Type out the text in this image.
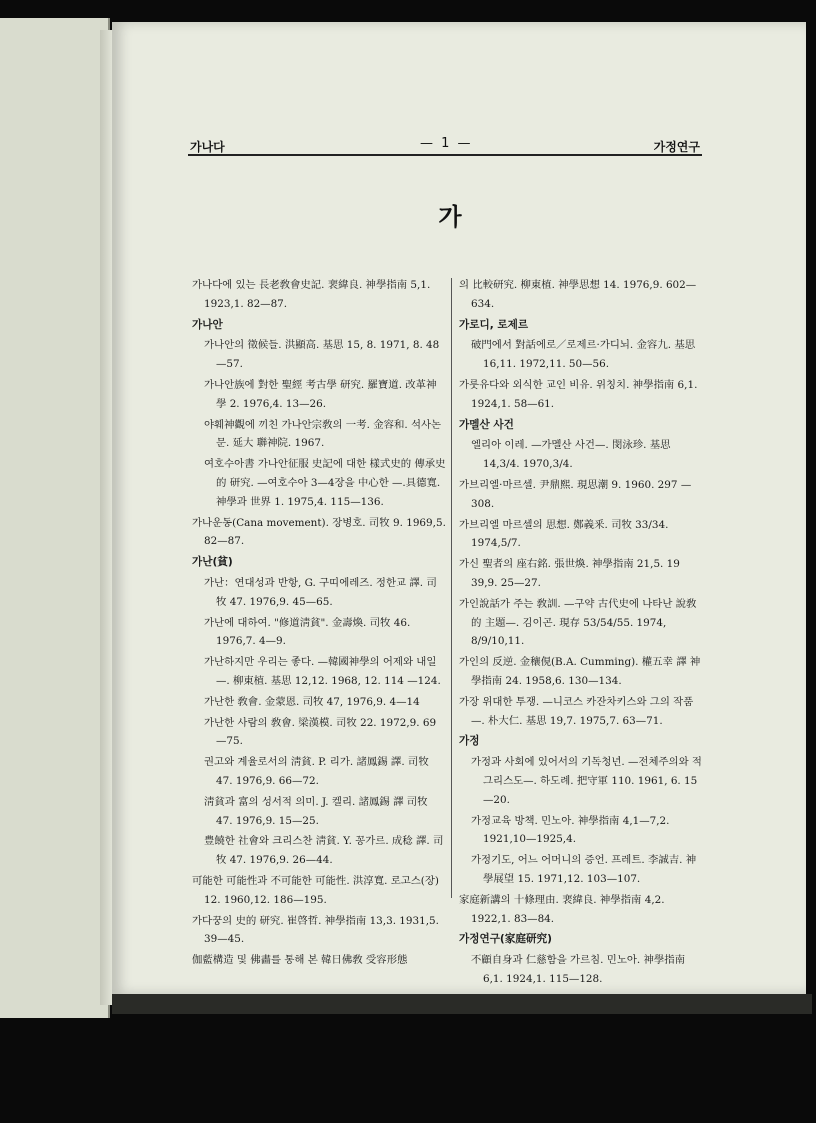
가나다	— 1 —	가정연구
가
가나다에 있는 長老敎會史記. 裵緯良. 神學指南 5,1. 1923,1. 82—87.
가나안
가나안의 徵候들. 洪顯高. 基思 15, 8. 1971, 8. 48—57.
가나안族에 對한 聖經 考古學 研究. 羅寶道. 改革神學 2. 1976,4. 13—26.
야훼神觀에 끼친 가나안宗敎의 一考. 金容和. 석사논문. 延大 聯神院. 1967.
여호수아書 가나안征服 史記에 대한 樣式史的 傳承史的 研究. —여호수아 3—4장을 中心한 —.具德寬. 神學과 世界 1. 1975,4. 115—136.
가나운동(Cana movement). 장병호. 司牧 9. 1969,5. 82—87.
가난(貧)
가난：연대성과 반항, G. 구띠에레즈. 정한교 譯. 司牧 47. 1976,9. 45—65.
가난에 대하여. "修道淸貧". 金壽煥. 司牧 46. 1976,7. 4—9.
가난하지만 우리는 좋다. —韓國神學의 어제와 내일—. 柳東植. 基思 12,12. 1968, 12. 114 —124.
가난한 敎會. 金蒙恩. 司牧 47, 1976,9. 4—14
가난한 사람의 敎會. 梁漢模. 司牧 22. 1972,9. 69—75.
권고와 계율로서의 淸貧. P. 리가. 諸鳳錫 譯. 司牧 47. 1976,9. 66—72.
淸貧과 富의 성서적 의미. J. 켈리. 諸鳳錫 譯 司牧 47. 1976,9. 15—25.
豊饒한 社會와 크리스찬 淸貧. Y. 꽁가르. 成稔 譯. 司牧 47. 1976,9. 26—44.
可能한 可能性과 不可能한 可能性. 洪淳寬. 로고스(장) 12. 1960,12. 186—195.
가다꿍의 史的 研究. 崔啓哲. 神學指南 13,3. 1931,5. 39—45.
伽藍構造 및 佛畵를 통해 본 韓日佛敎 受容形態
의 比較研究. 柳東植. 神學思想 14. 1976,9. 602—634.
가로디, 로제르
破門에서 對話에로／로제르·가디뇌. 金容九. 基思 16,11. 1972,11. 50—56.
가룻유다와 외식한 교인 비유. 위칭치. 神學指南 6,1. 1924,1. 58—61.
가멜산 사건
엘리아 이레. —가멜산 사건—. 閔泳珍. 基思 14,3/4. 1970,3/4.
가브리엘·마르셀. 尹鼎熙. 現思潮 9. 1960. 297 —308.
가브리엘 마르셀의 思想. 鄭義釆. 司牧 33/34. 1974,5/7.
가신 聖者의 座右銘. 張世煥. 神學指南 21,5. 19 39,9. 25—27.
가인說話가 주는 敎訓. —구약 古代史에 나타난 說敎的 主題—. 김이곤. 現存 53/54/55. 1974, 8/9/10,11.
가인의 反逆. 金穰俔(B.A. Cumming). 權五幸 譯 神學指南 24. 1958,6. 130—134.
가장 위대한 투쟁. —니코스 카잔차키스와 그의 작품—. 朴大仁. 基思 19,7. 1975,7. 63—71.
가정
가정과 사회에 있어서의 기독청년. —전체주의와 적그리스도—. 하도례. 把守軍 110. 1961, 6. 15—20.
가정교육 방책. 민노아. 神學指南 4,1—7,2. 1921,10—1925,4.
가정기도, 어느 어머니의 증언. 프레트. 李誠吉. 神學展望 15. 1971,12. 103—107.
家庭新講의 十條理由. 裵緯良. 神學指南 4,2. 1922,1. 83—84.
가정연구(家庭研究)
不顧自身과 仁慈함을 가르침. 민노아. 神學指南 6,1. 1924,1. 115—128.
